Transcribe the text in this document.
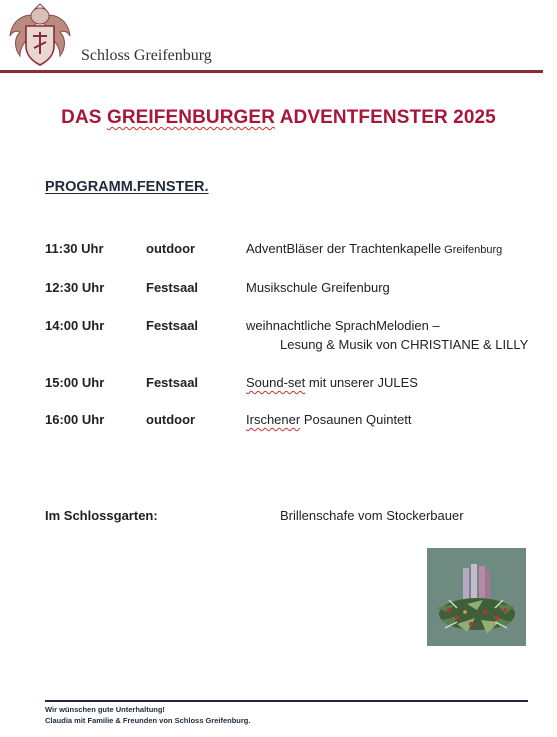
Schloss Greifenburg
DAS GREIFENBURGER ADVENTFENSTER 2025
PROGRAMM.FENSTER.
11:30 Uhr	outdoor	AdventBläser der Trachtenkapelle Greifenburg
12:30 Uhr	Festsaal	Musikschule Greifenburg
14:00 Uhr	Festsaal	weihnachtliche SprachMelodien –
Lesung & Musik von CHRISTIANE & LILLY
15:00 Uhr	Festsaal	Sound-set mit unserer JULES
16:00 Uhr	outdoor	Irschener Posaunen Quintett
Im Schlossgarten:	Brillenschafe vom Stockerbauer
Wir wünschen gute Unterhaltung!
Claudia mit Familie & Freunden von Schloss Greifenburg.
